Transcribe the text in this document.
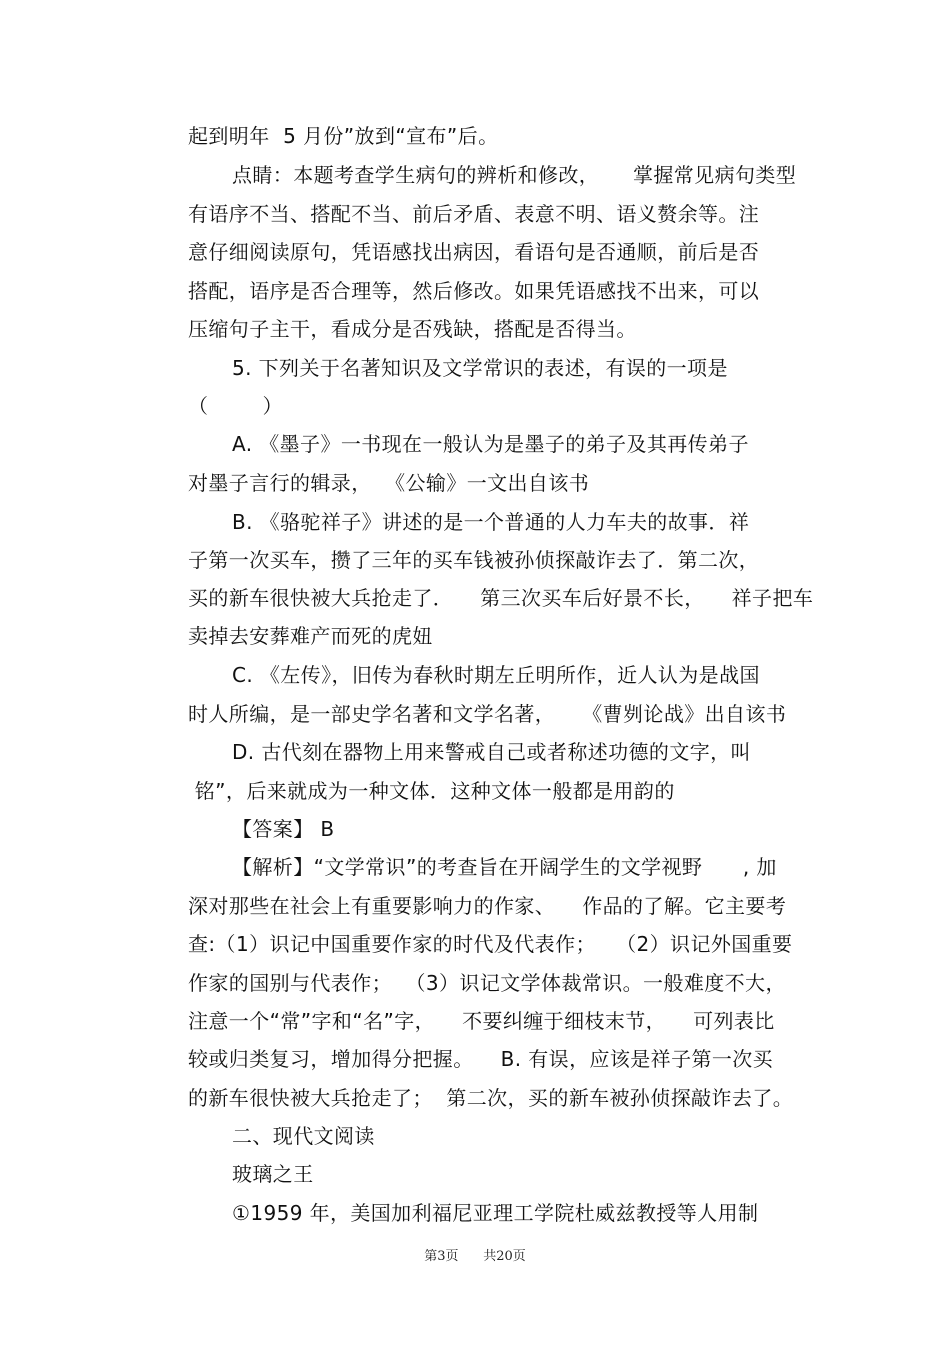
起到明年  5 月份”放到“宣布”后。
点睛：本题考查学生病句的辨析和修改，     掌握常见病句类型
有语序不当、搭配不当、前后矛盾、表意不明、语义赘余等。注
意仔细阅读原句，凭语感找出病因，看语句是否通顺，前后是否
搭配，语序是否合理等，然后修改。如果凭语感找不出来，可以
压缩句子主干，看成分是否残缺，搭配是否得当。
5. 下列关于名著知识及文学常识的表述，有误的一项是
（        ）
A. 《墨子》一书现在一般认为是墨子的弟子及其再传弟子
对墨子言行的辑录，  《公输》一文出自该书
B. 《骆驼祥子》讲述的是一个普通的人力车夫的故事．祥
子第一次买车，攒了三年的买车钱被孙侦探敲诈去了．第二次，
买的新车很快被大兵抢走了．    第三次买车后好景不长，    祥子把车
卖掉去安葬难产而死的虎妞
C. 《左传》，旧传为春秋时期左丘明所作，近人认为是战国
时人所编，是一部史学名著和文学名著，    《曹刿论战》出自该书
D. 古代刻在器物上用来警戒自己或者称述功德的文字，叫
铭”，后来就成为一种文体．这种文体一般都是用韵的
【答案】 B
【解析】“文学常识”的考查旨在开阔学生的文学视野      , 加
深对那些在社会上有重要影响力的作家、    作品的了解。它主要考
查:（1）识记中国重要作家的时代及代表作；   （2）识记外国重要
作家的国别与代表作；  （3）识记文学体裁常识。一般难度不大，
注意一个“常”字和“名”字，    不要纠缠于细枝末节，    可列表比
较或归类复习，增加得分把握。    B. 有误，应该是祥子第一次买
的新车很快被大兵抢走了；  第二次，买的新车被孙侦探敲诈去了。
二、现代文阅读
玻璃之王
①1959 年，美国加利福尼亚理工学院杜威兹教授等人用制
第3页      共20页
